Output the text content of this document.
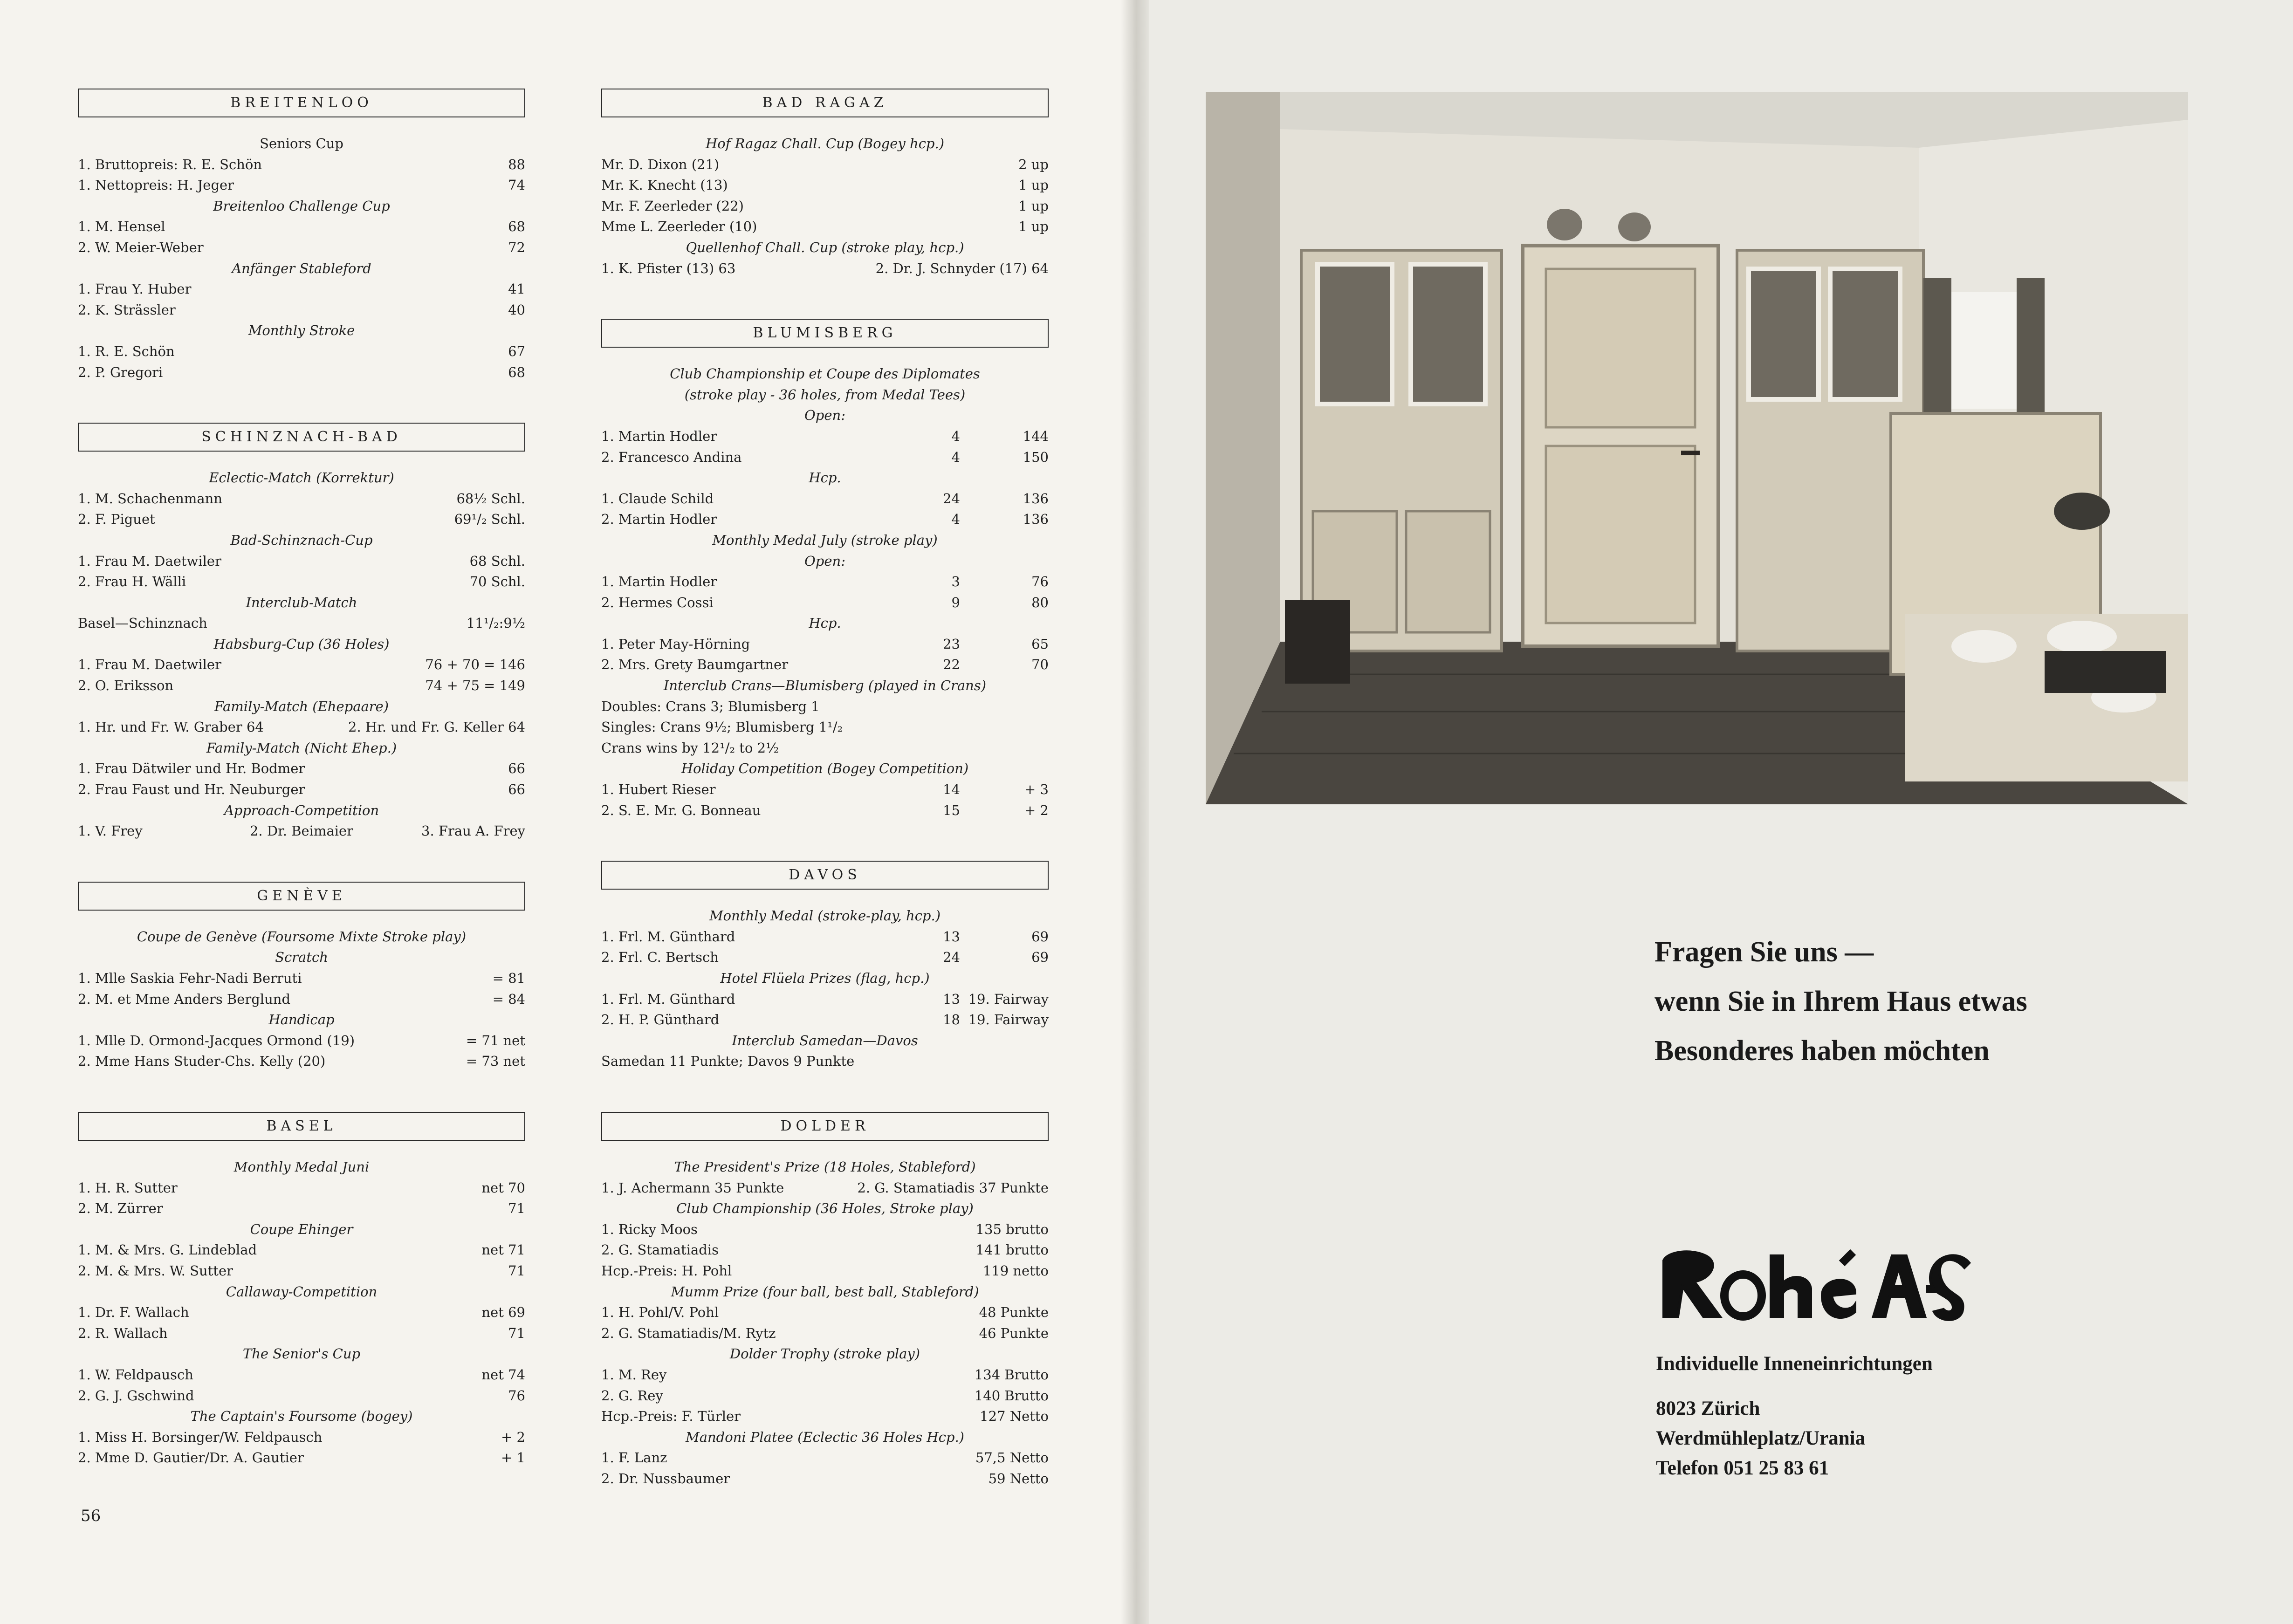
BREITENLOO
Seniors Cup
1. Bruttopreis: R. E. Schön	88
1. Nettopreis: H. Jeger	74
Breitenloo Challenge Cup
1. M. Hensel	68
2. W. Meier-Weber	72
Anfänger Stableford
1. Frau Y. Huber	41
2. K. Strässler	40
Monthly Stroke
1. R. E. Schön	67
2. P. Gregori	68
SCHINZNACH-BAD
Eclectic-Match (Korrektur)
1. M. Schachenmann	68½ Schl.
2. F. Piguet	69¹/₂ Schl.
Bad-Schinznach-Cup
1. Frau M. Daetwiler	68 Schl.
2. Frau H. Wälli	70 Schl.
Interclub-Match
Basel—Schinznach	11¹/₂:9½
Habsburg-Cup (36 Holes)
1. Frau M. Daetwiler	76 + 70 = 146
2. O. Eriksson	74 + 75 = 149
Family-Match (Ehepaare)
1. Hr. und Fr. W. Graber 64	2. Hr. und Fr. G. Keller 64
Family-Match (Nicht Ehep.)
1. Frau Dätwiler und Hr. Bodmer	66
2. Frau Faust und Hr. Neuburger	66
Approach-Competition
1. V. Frey	2. Dr. Beimaier	3. Frau A. Frey
GENÈVE
Coupe de Genève (Foursome Mixte Stroke play)
Scratch
1. Mlle Saskia Fehr-Nadi Berruti	= 81
2. M. et Mme Anders Berglund	= 84
Handicap
1. Mlle D. Ormond-Jacques Ormond (19)	= 71 net
2. Mme Hans Studer-Chs. Kelly (20)	= 73 net
BASEL
Monthly Medal Juni
1. H. R. Sutter	net 70
2. M. Zürrer	71
Coupe Ehinger
1. M. & Mrs. G. Lindeblad	net 71
2. M. & Mrs. W. Sutter	71
Callaway-Competition
1. Dr. F. Wallach	net 69
2. R. Wallach	71
The Senior's Cup
1. W. Feldpausch	net 74
2. G. J. Gschwind	76
The Captain's Foursome (bogey)
1. Miss H. Borsinger/W. Feldpausch	+ 2
2. Mme D. Gautier/Dr. A. Gautier	+ 1
BAD RAGAZ
Hof Ragaz Chall. Cup (Bogey hcp.)
Mr. D. Dixon (21)	2 up
Mr. K. Knecht (13)	1 up
Mr. F. Zeerleder (22)	1 up
Mme L. Zeerleder (10)	1 up
Quellenhof Chall. Cup (stroke play, hcp.)
1. K. Pfister (13) 63	2. Dr. J. Schnyder (17) 64
BLUMISBERG
Club Championship et Coupe des Diplomates
(stroke play - 36 holes, from Medal Tees)
Open:
1. Martin Hodler	4	144
2. Francesco Andina	4	150
Hcp.
1. Claude Schild	24	136
2. Martin Hodler	4	136
Monthly Medal July (stroke play)
Open:
1. Martin Hodler	3	76
2. Hermes Cossi	9	80
Hcp.
1. Peter May-Hörning	23	65
2. Mrs. Grety Baumgartner	22	70
Interclub Crans—Blumisberg (played in Crans)
Doubles: Crans 3; Blumisberg 1
Singles: Crans 9½; Blumisberg 1¹/₂
Crans wins by 12¹/₂ to 2½
Holiday Competition (Bogey Competition)
1. Hubert Rieser	14	+ 3
2. S. E. Mr. G. Bonneau	15	+ 2
DAVOS
Monthly Medal (stroke-play, hcp.)
1. Frl. M. Günthard	13	69
2. Frl. C. Bertsch	24	69
Hotel Flüela Prizes (flag, hcp.)
1. Frl. M. Günthard	13 19. Fairway
2. H. P. Günthard	18 19. Fairway
Interclub Samedan—Davos
Samedan 11 Punkte; Davos 9 Punkte
DOLDER
The President's Prize (18 Holes, Stableford)
1. J. Achermann 35 Punkte	2. G. Stamatiadis 37 Punkte
Club Championship (36 Holes, Stroke play)
1. Ricky Moos	135 brutto
2. G. Stamatiadis	141 brutto
Hcp.-Preis: H. Pohl	119 netto
Mumm Prize (four ball, best ball, Stableford)
1. H. Pohl/V. Pohl	48 Punkte
2. G. Stamatiadis/M. Rytz	46 Punkte
Dolder Trophy (stroke play)
1. M. Rey	134 Brutto
2. G. Rey	140 Brutto
Hcp.-Preis: F. Türler	127 Netto
Mandoni Platee (Eclectic 36 Holes Hcp.)
1. F. Lanz	57,5 Netto
2. Dr. Nussbaumer	59 Netto
56
Fragen Sie uns —
wenn Sie in Ihrem Haus etwas
Besonderes haben möchten
Individuelle Inneneinrichtungen
8023 Zürich
Werdmühleplatz/Urania
Telefon 051 25 83 61
